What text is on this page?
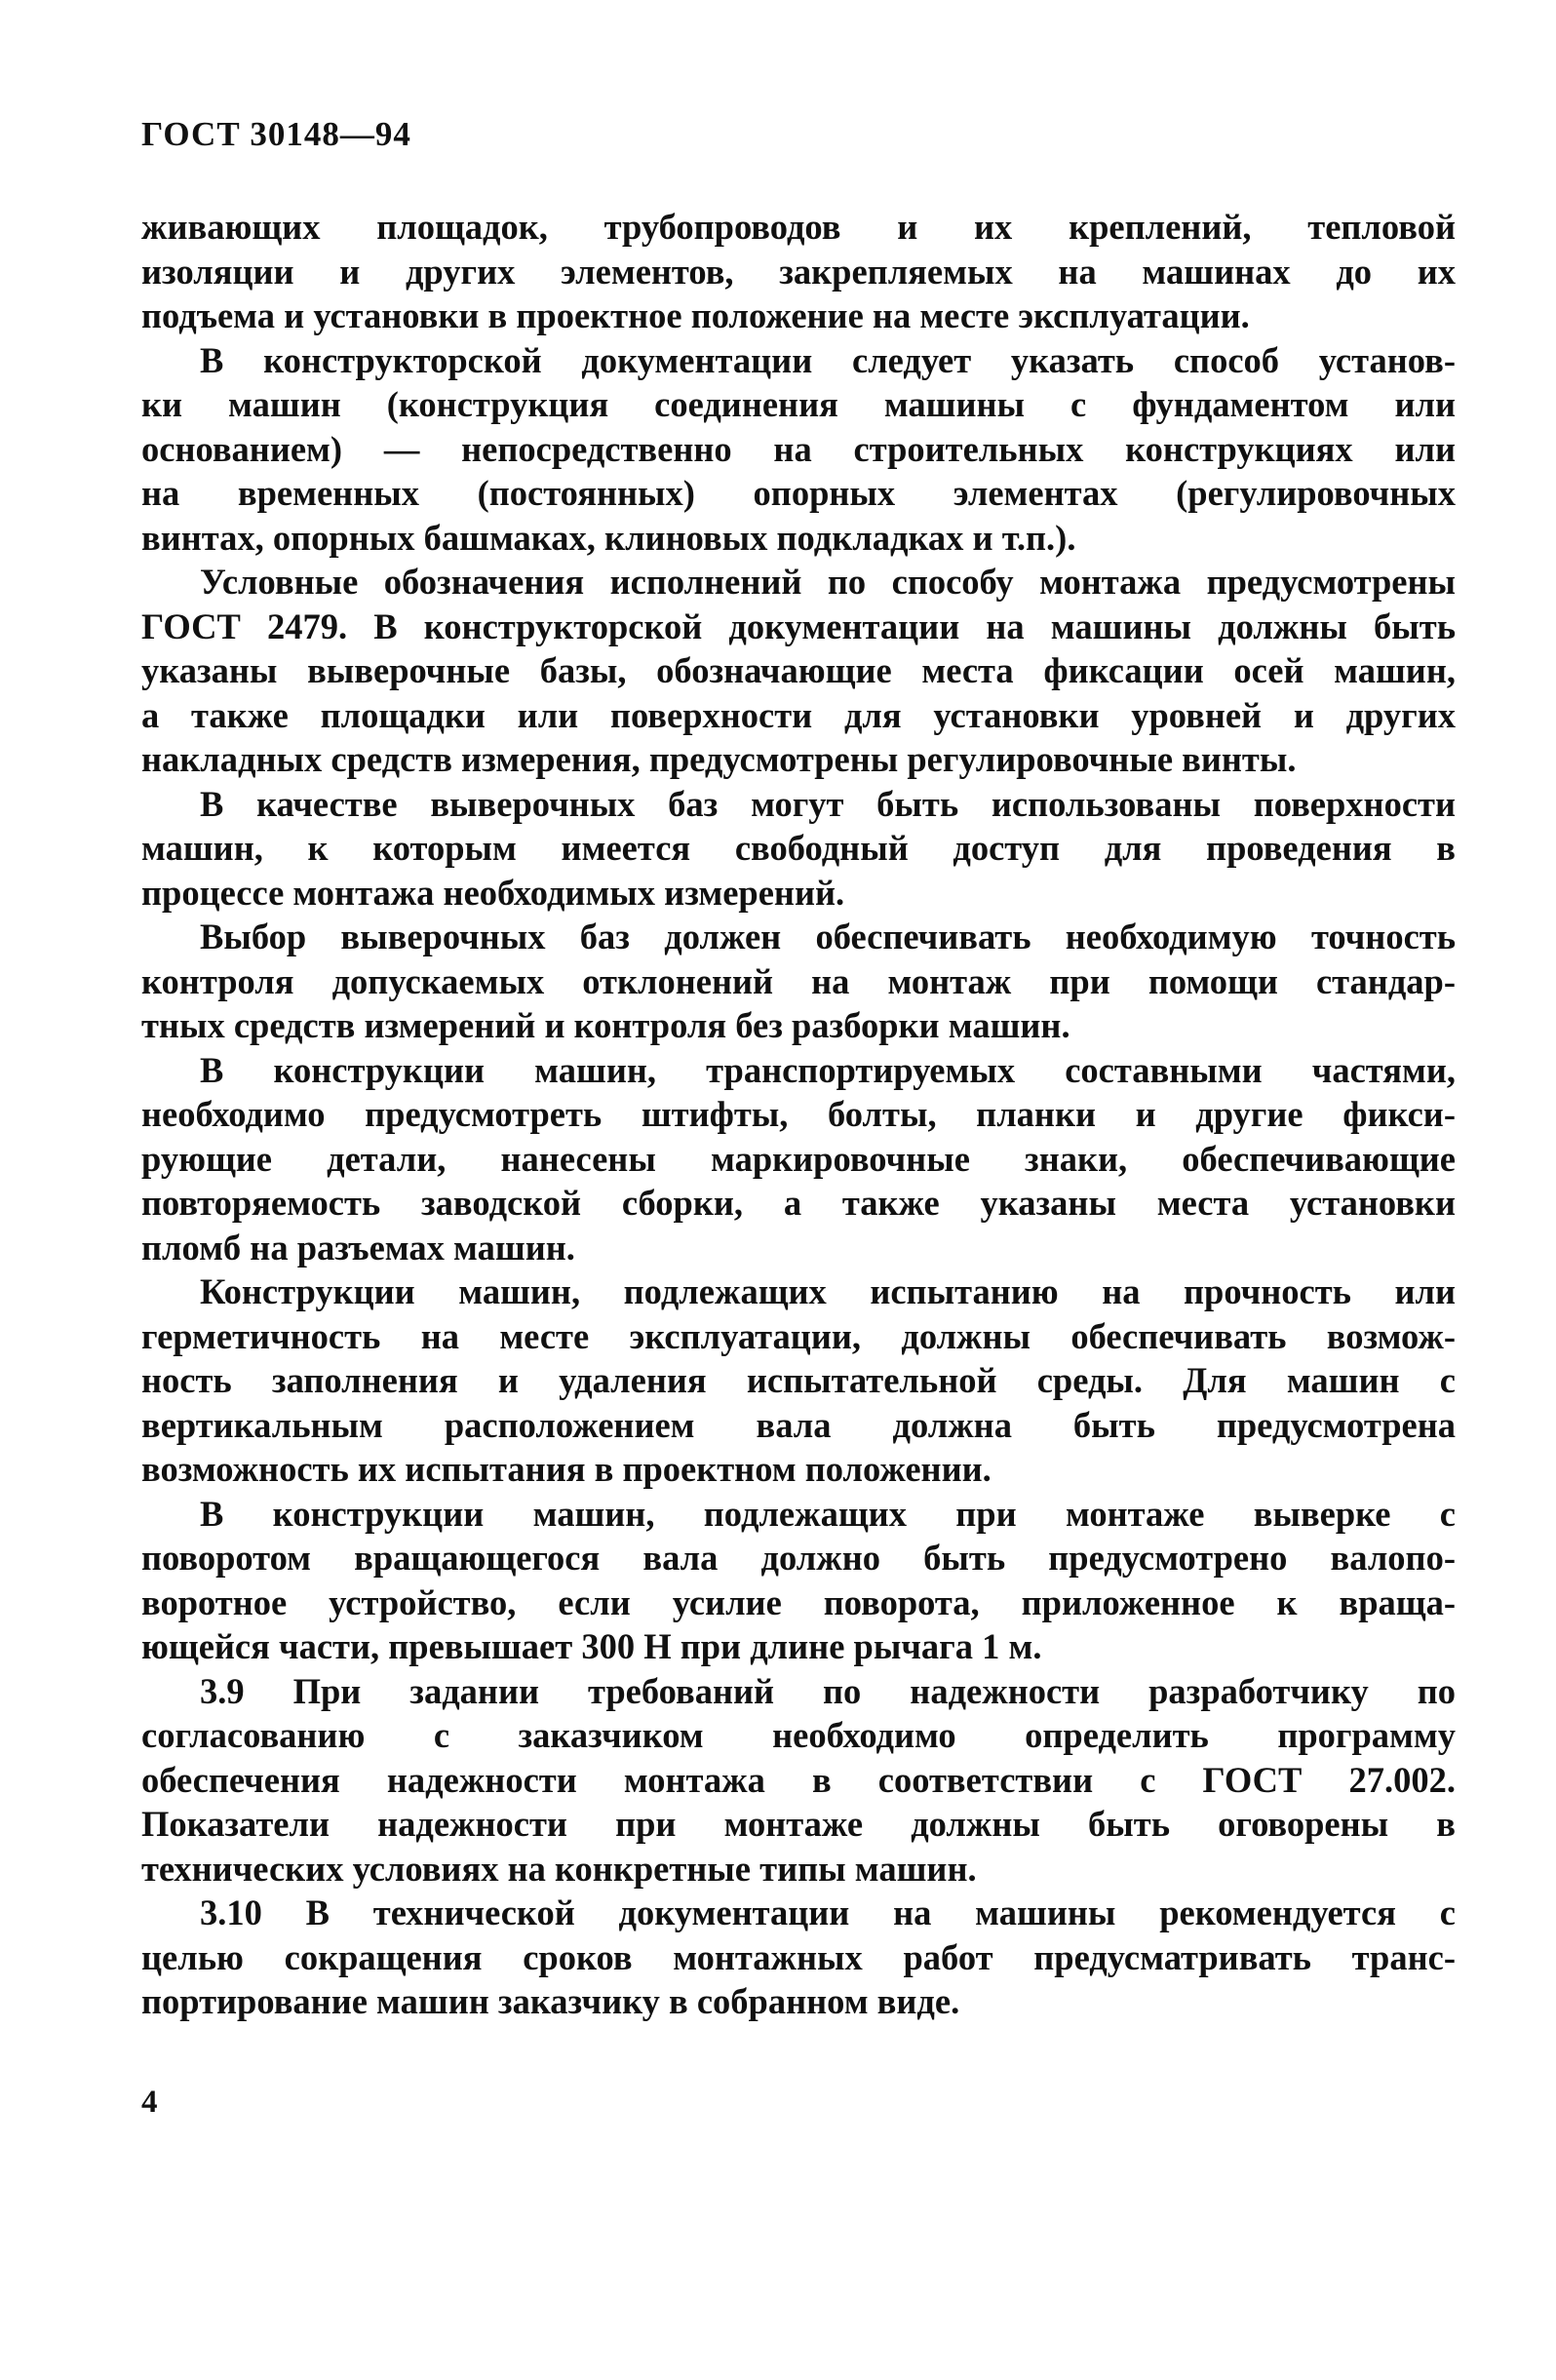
ГОСТ 30148—94
живающих площадок, трубопроводов и их креплений, тепловой
изоляции и других элементов, закрепляемых на машинах до их
подъема и установки в проектное положение на месте эксплуатации.
В конструкторской документации следует указать способ установ-
ки машин (конструкция соединения машины с фундаментом или
основанием) — непосредственно на строительных конструкциях или
на временных (постоянных) опорных элементах (регулировочных
винтах, опорных башмаках, клиновых подкладках и т.п.).
Условные обозначения исполнений по способу монтажа предусмотрены
ГОСТ 2479. В конструкторской документации на машины должны быть
указаны выверочные базы, обозначающие места фиксации осей машин,
а также площадки или поверхности для установки уровней и других
накладных средств измерения, предусмотрены регулировочные винты.
В качестве выверочных баз могут быть использованы поверхности
машин, к которым имеется свободный доступ для проведения в
процессе монтажа необходимых измерений.
Выбор выверочных баз должен обеспечивать необходимую точность
контроля допускаемых отклонений на монтаж при помощи стандар-
тных средств измерений и контроля без разборки машин.
В конструкции машин, транспортируемых составными частями,
необходимо предусмотреть штифты, болты, планки и другие фикси-
рующие детали, нанесены маркировочные знаки, обеспечивающие
повторяемость заводской сборки, а также указаны места установки
пломб на разъемах машин.
Конструкции машин, подлежащих испытанию на прочность или
герметичность на месте эксплуатации, должны обеспечивать возмож-
ность заполнения и удаления испытательной среды. Для машин с
вертикальным расположением вала должна быть предусмотрена
возможность их испытания в проектном положении.
В конструкции машин, подлежащих при монтаже выверке с
поворотом вращающегося вала должно быть предусмотрено валопо-
воротное устройство, если усилие поворота, приложенное к враща-
ющейся части, превышает 300 Н при длине рычага 1 м.
3.9 При задании требований по надежности разработчику по
согласованию с заказчиком необходимо определить программу
обеспечения надежности монтажа в соответствии с ГОСТ 27.002.
Показатели надежности при монтаже должны быть оговорены в
технических условиях на конкретные типы машин.
3.10 В технической документации на машины рекомендуется с
целью сокращения сроков монтажных работ предусматривать транс-
портирование машин заказчику в собранном виде.
4
